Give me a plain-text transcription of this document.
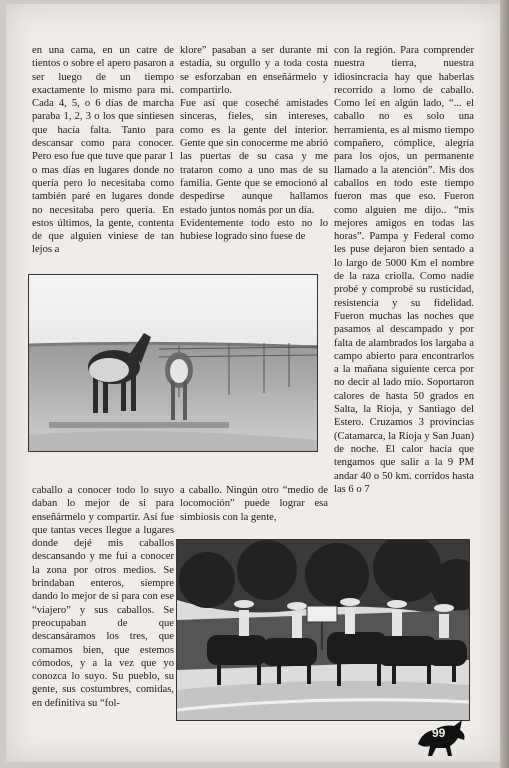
en una cama, en un catre de tientos o sobre el apero pasaron a ser luego de un tiempo exactamente lo mismo para mi. Cada 4, 5, o 6 días de marcha paraba 1, 2, 3 o los que sintiesen que hacía falta. Tanto para descansar como para conocer. Pero eso fue que tuve que parar 1 o mas días en lugares donde no quería pero lo necesitaba como también paré en lugares donde no necesitaba pero quería. En estos últimos, la gente, contenta de que alguien viniese de tan lejos a

klore” pasaban a ser durante mi estadía, su orgullo y a toda costa se esforzaban en enseñármelo y compartirlo.
Fue así que coseché amistades sinceras, fieles, sin intereses, como es la gente del interior. Gente que sin conocerme me abrió las puertas de su casa y me trataron como a uno mas de su familia. Gente que se emocionó al despedirse aunque hallamos estado juntos nomás por un día.
Evidentemente todo esto no lo hubiese logrado sino fuese de

con la región. Para comprender nuestra tierra, nuestra idiosincracia hay que haberlas recorrido a lomo de caballo. Como leí en algún lado, “... el caballo no es solo una herramienta, es al mismo tiempo compañero, cómplice, alegría para los ojos, un permanente llamado a la atención”. Mis dos caballos en todo este tiempo fueron mas que eso. Fueron como alguien me dijo.. “mis mejores amigos en todas las horas”. Pampa y Federal como les puse dejaron bien sentado a lo largo de 5000 Km el nombre de la raza criolla. Como nadie probé y comprobé su rusticidad, resistencia y su fidelidad. Fueron muchas las noches que pasamos al descampado y por falta de alambrados los largaba a campo abierto para encontrarlos a la mañana siguiente cerca por no decir al lado mío. Soportaron calores de hasta 50 grados en Salta, la Rioja, y Santiago del Estero. Cruzamos 3 provincias (Catamarca, la Rioja y San Juan) de noche. El calor hacía que tengamos que salir a la 9 PM andar 40 o 50 km. corridos hasta las 6 o 7

caballo a conocer todo lo suyo daban lo mejor de si para enseñármelo y compartir. Así fue que tantas veces llegue a lugares donde dejé mis caballos descansando y me fui a conocer la zona por otros medios. Se brindaban enteros, siempre dando lo mejor de si para con ese “viajero” y sus caballos. Se preocupaban de que descansáramos los tres, que comamos bien, que estemos cómodos, y a la vez que yo conozca lo suyo. Su pueblo, su gente, sus costumbres, comidas, en definitiva su “fol-

a caballo. Ningún otro “medio de locomoción” puede lograr esa simbiosis con la gente,

99
